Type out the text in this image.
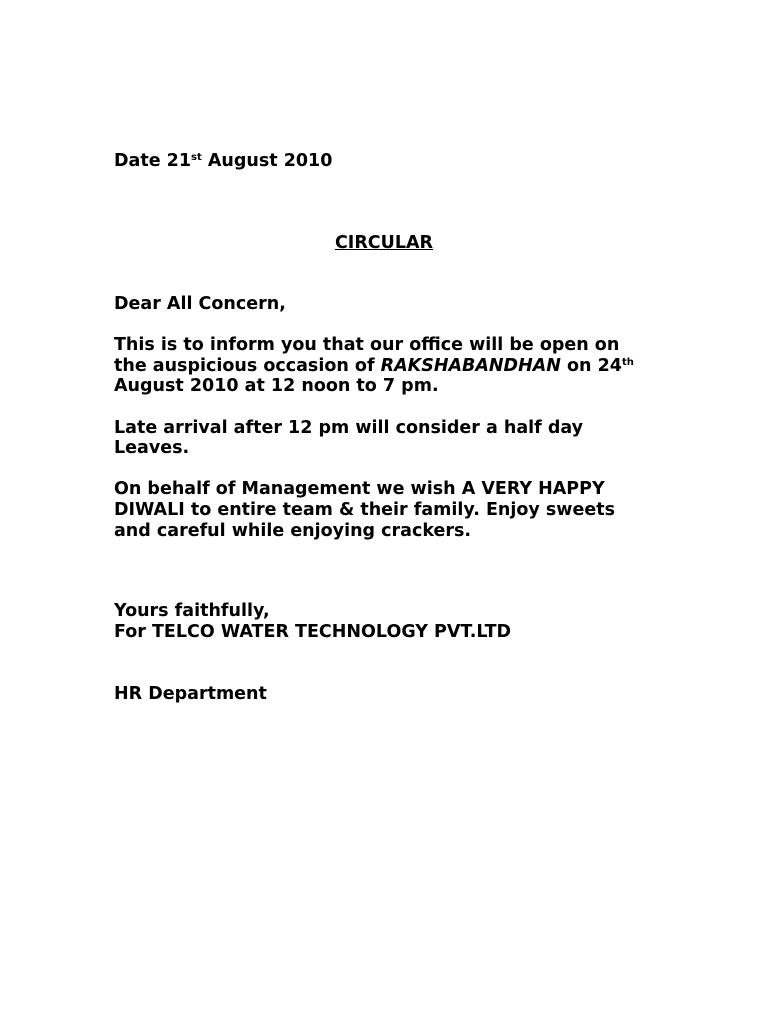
Date 21st August 2010
CIRCULAR
Dear All Concern,
This is to inform you that our office will be open on
the auspicious occasion of RAKSHABANDHAN on 24th
August 2010 at 12 noon to 7 pm.
Late arrival after 12 pm will consider a half day
Leaves.
On behalf of Management we wish A VERY HAPPY
DIWALI to entire team & their family. Enjoy sweets
and careful while enjoying crackers.
Yours faithfully,
For TELCO WATER TECHNOLOGY PVT.LTD
HR Department
